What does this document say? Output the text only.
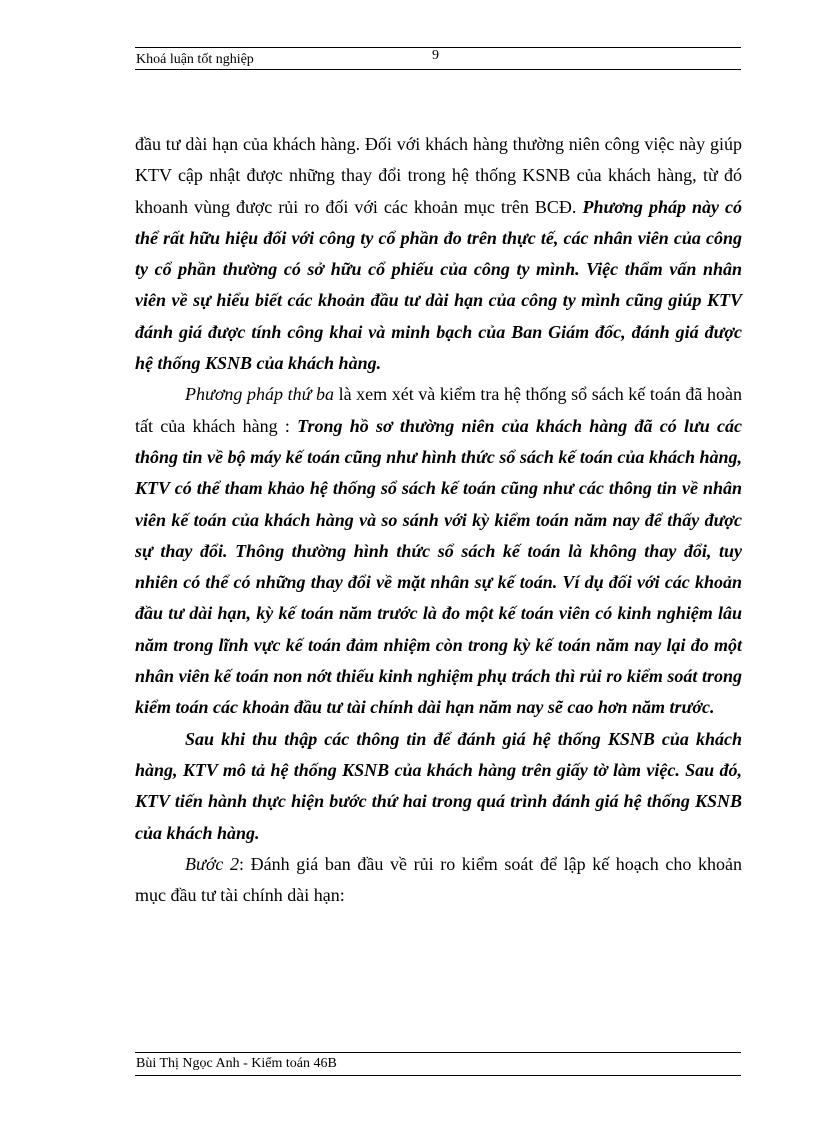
Khoá luận tốt nghiệp	9

đầu tư dài hạn của khách hàng. Đối với khách hàng thường niên công việc này giúp KTV cập nhật được những thay đổi trong hệ thống KSNB của khách hàng, từ đó khoanh vùng được rủi ro đối với các khoản mục trên BCĐ. Phương pháp này có thể rất hữu hiệu đối với công ty cổ phần đo trên thực tế, các nhân viên của công ty cổ phần thường có sở hữu cổ phiếu của công ty mình. Việc thẩm vấn nhân viên về sự hiểu biết các khoản đầu tư dài hạn của công ty mình cũng giúp KTV đánh giá được tính công khai và minh bạch của Ban Giám đốc, đánh giá được hệ thống KSNB của khách hàng.

Phương pháp thứ ba là xem xét và kiểm tra hệ thống sổ sách kế toán đã hoàn tất của khách hàng : Trong hồ sơ thường niên của khách hàng đã có lưu các thông tin về bộ máy kế toán cũng như hình thức sổ sách kế toán của khách hàng, KTV có thể tham khảo hệ thống sổ sách kế toán cũng như các thông tin về nhân viên kế toán của khách hàng và so sánh với kỳ kiểm toán năm nay để thấy được sự thay đổi. Thông thường hình thức sổ sách kế toán là không thay đổi, tuy nhiên có thể có những thay đổi về mặt nhân sự kế toán. Ví dụ đối với các khoản đầu tư dài hạn, kỳ kế toán năm trước là đo một kế toán viên có kinh nghiệm lâu năm trong lĩnh vực kế toán đảm nhiệm còn trong kỳ kế toán năm nay lại đo một nhân viên kế toán non nớt thiếu kinh nghiệm phụ trách thì rủi ro kiểm soát trong kiểm toán các khoản đầu tư tài chính dài hạn năm nay sẽ cao hơn năm trước.

Sau khi thu thập các thông tin để đánh giá hệ thống KSNB của khách hàng, KTV mô tả hệ thống KSNB của khách hàng trên giấy tờ làm việc. Sau đó, KTV tiến hành thực hiện bước thứ hai trong quá trình đánh giá hệ thống KSNB của khách hàng.

Bước 2: Đánh giá ban đầu về rủi ro kiểm soát để lập kế hoạch cho khoản mục đầu tư tài chính dài hạn:

Bùi Thị Ngọc Anh - Kiểm toán 46B
